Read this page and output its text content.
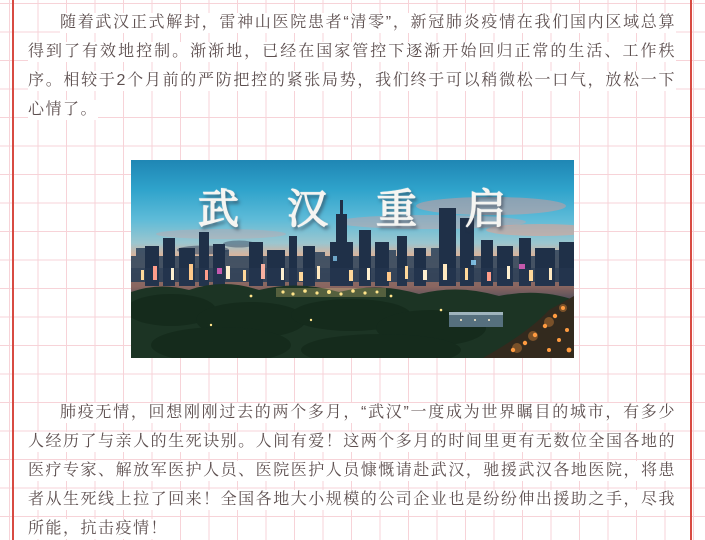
随着武汉正式解封，雷神山医院患者“清零”，新冠肺炎疫情在我们国内区域总算得到了有效地控制。渐渐地，已经在国家管控下逐渐开始回归正常的生活、工作秩序。相较于2个月前的严防把控的紧张局势，我们终于可以稍微松一口气，放松一下心情了。

武汉重启

肺疫无情，回想刚刚过去的两个多月，“武汉”一度成为世界瞩目的城市，有多少人经历了与亲人的生死诀别。人间有爱！这两个多月的时间里更有无数位全国各地的医疗专家、解放军医护人员、医院医护人员慷慨请赴武汉，驰援武汉各地医院，将患者从生死线上拉了回来！全国各地大小规模的公司企业也是纷纷伸出援助之手，尽我所能，抗击疫情！
